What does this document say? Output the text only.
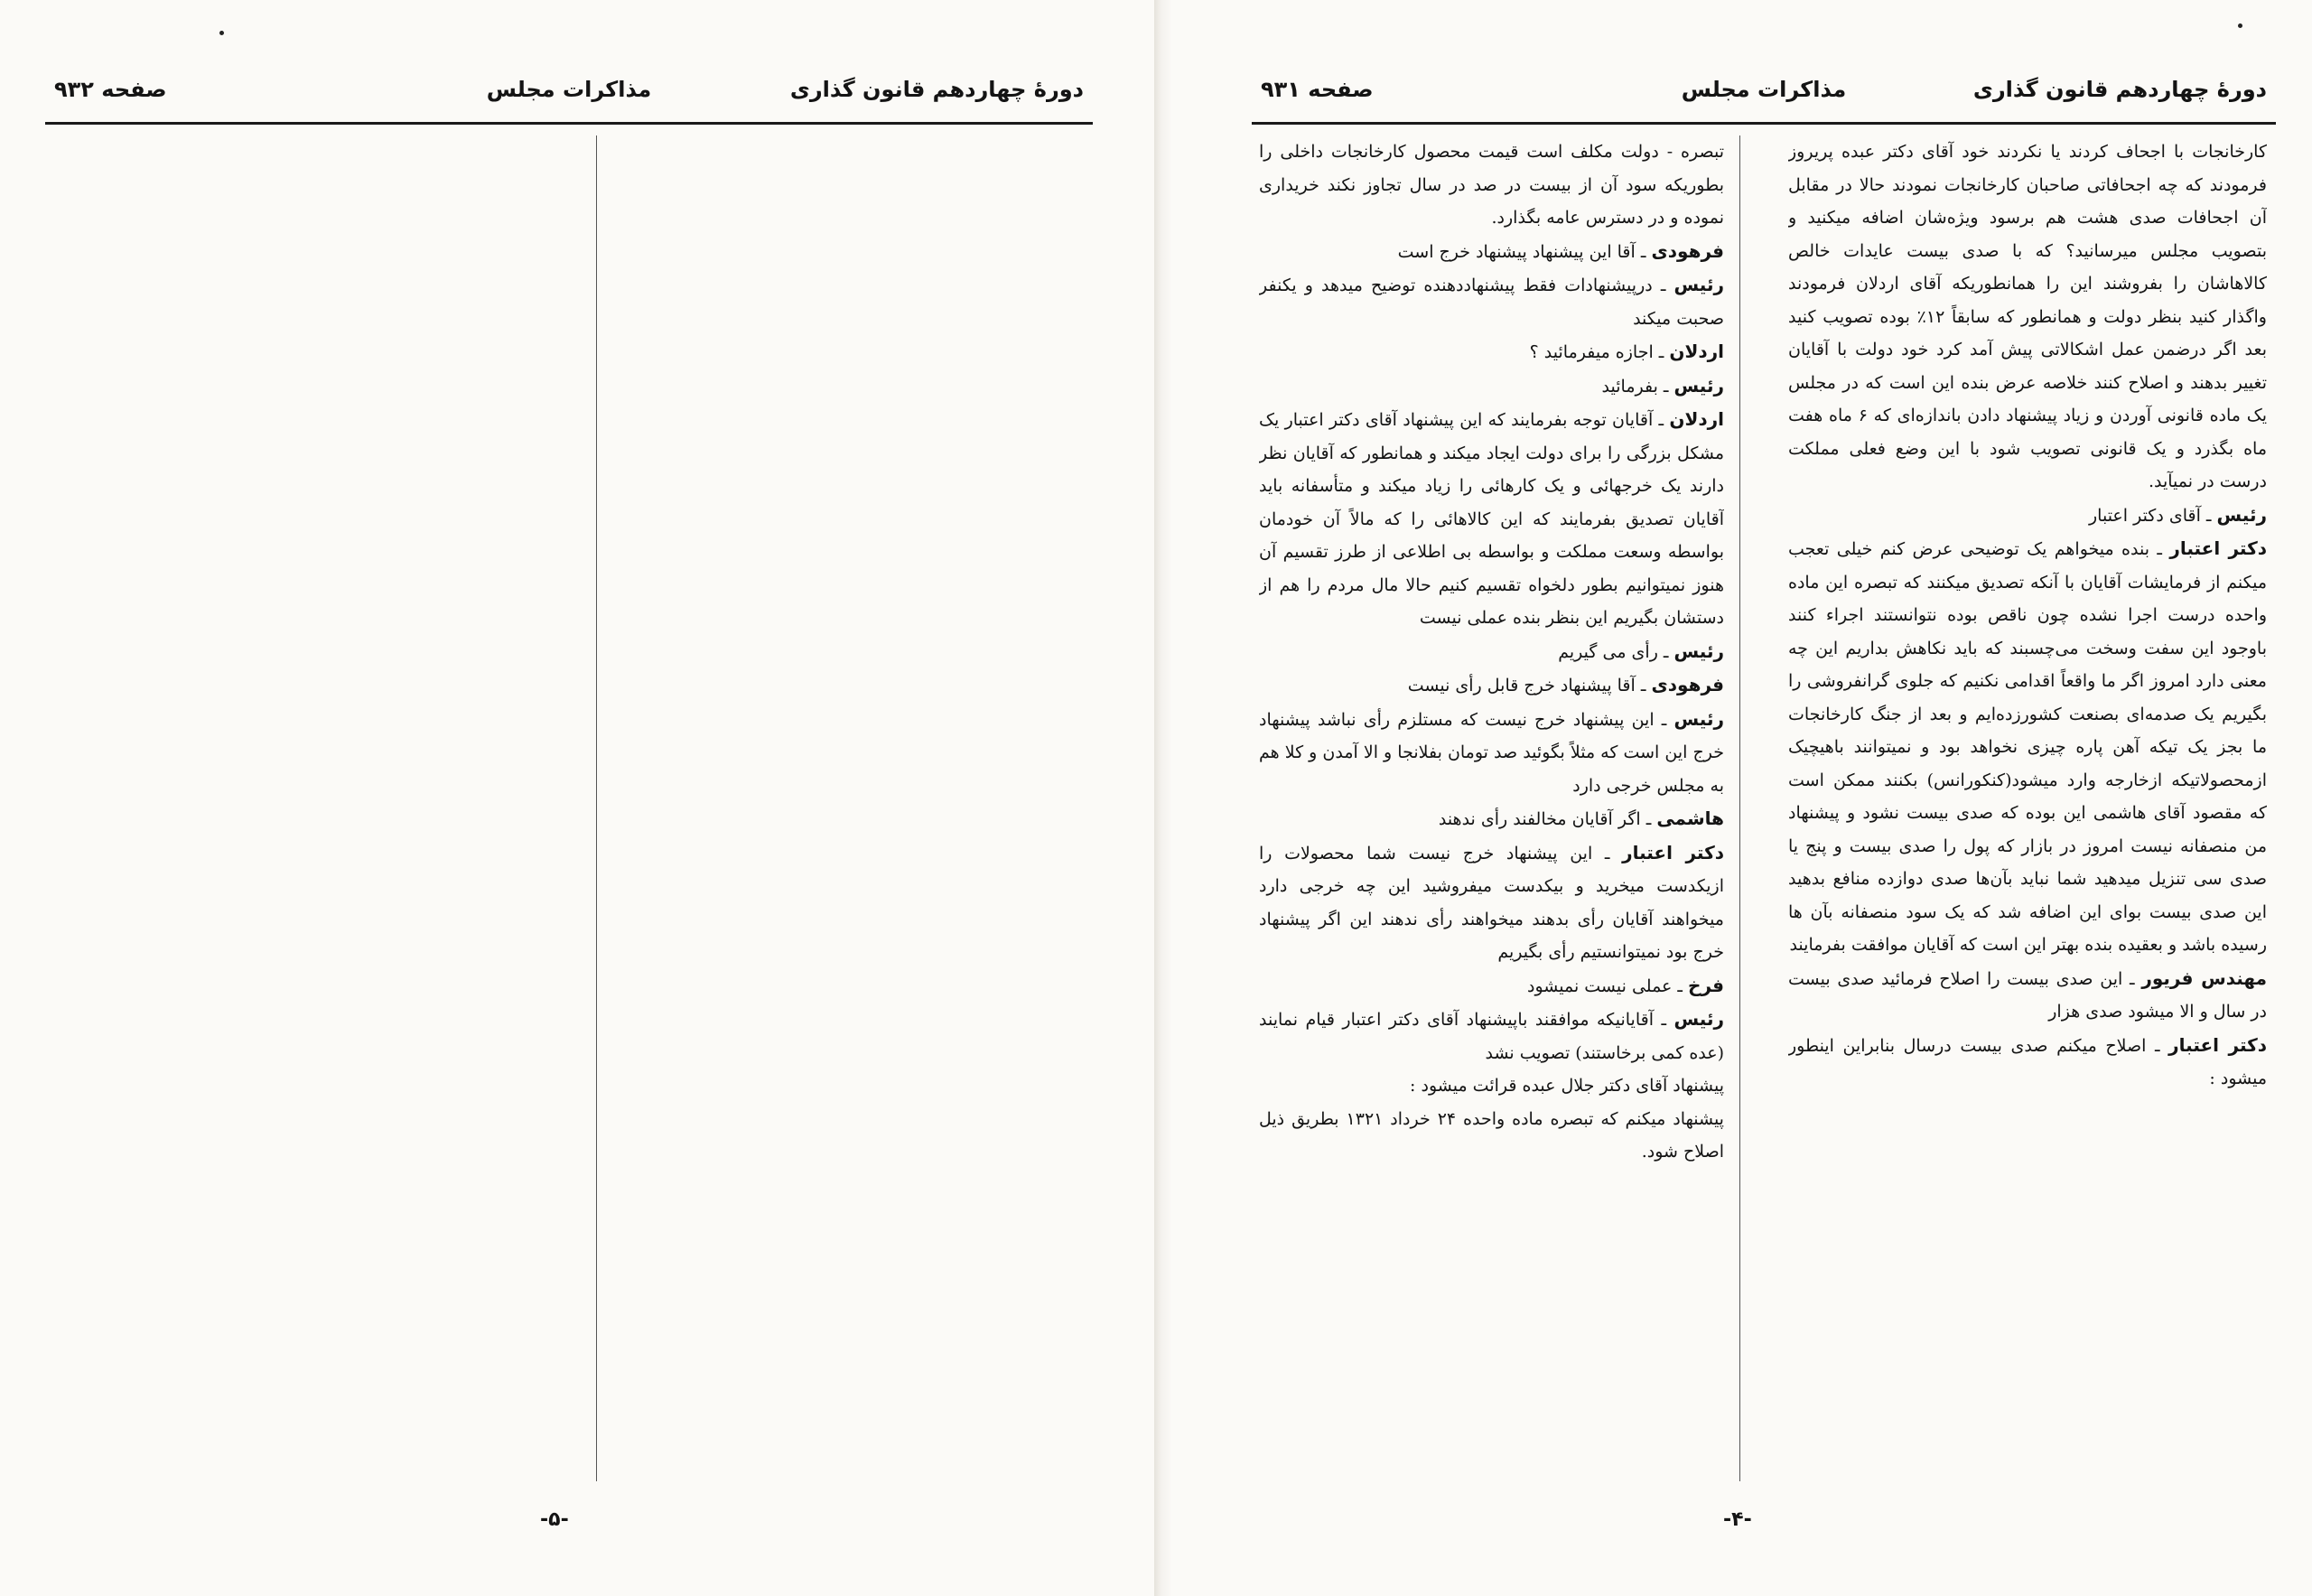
دورهٔ چهاردهم قانون گذاری
مذاکرات مجلس
صفحه ۹۳۲
-۵-
دورهٔ چهاردهم قانون گذاری
مذاکرات مجلس
صفحه ۹۳۱

کارخانجات با اجحاف کردند یا نکردند خود آقای دکتر عبده پریروز فرمودند که چه اجحافاتی صاحبان کارخانجات نمودند حالا در مقابل آن اجحافات صدی هشت هم برسود ویژه‌شان اضافه میکنید و بتصویب مجلس میرسانید؟ که با صدی بیست عایدات خالص کالاهاشان را بفروشند این را همانطوریکه آقای اردلان فرمودند واگذار کنید بنظر دولت و همانطور که سابقاً ۱۲٪ بوده تصویب کنید بعد اگر درضمن عمل اشکالاتی پیش آمد کرد خود دولت با آقایان تغییر بدهند و اصلاح کنند خلاصه عرض بنده این است که در مجلس یک ماده قانونی آوردن و زیاد پیشنهاد دادن باندازه‌ای که ۶ ماه هفت ماه بگذرد و یک قانونی تصویب شود با این وضع فعلی مملکت درست در نمیآید.

رئیس ـ آقای دکتر اعتبار

دکتر اعتبار ـ بنده میخواهم یک توضیحی عرض کنم خیلی تعجب میکنم از فرمایشات آقایان با آنکه تصدیق میکنند که تبصره این ماده واحده درست اجرا نشده چون ناقص بوده نتوانستند اجراء کنند باوجود این سفت وسخت می‌چسبند که باید نکاهش بداریم این چه معنی دارد امروز اگر ما واقعاً اقدامی نکنیم که جلوی گرانفروشی را بگیریم یک صدمه‌ای بصنعت کشورزده‌ایم و بعد از جنگ کارخانجات ما بجز یک تیکه آهن پاره چیزی نخواهد بود و نمیتوانند باهیچیک ازمحصولاتیکه ازخارجه وارد میشود(کنکورانس) بکنند ممکن است که مقصود آقای هاشمی این بوده که صدی بیست نشود و پیشنهاد من منصفانه نیست امروز در بازار که پول را صدی بیست و پنج یا صدی سی تنزیل میدهید شما نباید بآن‌ها صدی دوازده منافع بدهید این صدی بیست بوای این اضافه شد که یک سود منصفانه بآن ها رسیده باشد و بعقیده بنده بهتر این است که آقایان موافقت بفرمایند

مهندس فریور ـ این صدی بیست را اصلاح فرمائید صدی بیست در سال و الا میشود صدی هزار

دکتر اعتبار ـ اصلاح میکنم صدی بیست درسال بنابراین اینطور میشود :

تبصره - دولت مکلف است قیمت محصول کارخانجات داخلی را بطوریکه سود آن از بیست در صد در سال تجاوز نکند خریداری نموده و در دسترس عامه بگذارد.

فرهودی ـ آقا این پیشنهاد پیشنهاد خرج است

رئیس ـ درپیشنهادات فقط پیشنهاددهنده توضیح میدهد و یکنفر صحبت میکند

اردلان ـ اجازه میفرمائید ؟

رئیس ـ بفرمائید

اردلان ـ آقایان توجه بفرمایند که این پیشنهاد آقای دکتر اعتبار یک مشکل بزرگی را برای دولت ایجاد میکند و همانطور که آقایان نظر دارند یک خرجهائی و یک کارهائی را زیاد میکند و متأسفانه باید آقایان تصدیق بفرمایند که این کالاهائی را که مالاً آن خودمان بواسطه وسعت مملکت و بواسطه بی اطلاعی از طرز تقسیم آن هنوز نمیتوانیم بطور دلخواه تقسیم کنیم حالا مال مردم را هم از دستشان بگیریم این بنظر بنده عملی نیست

رئیس ـ رأی می گیریم

فرهودی ـ آقا پیشنهاد خرج قابل رأی نیست

رئیس ـ این پیشنهاد خرج نیست که مستلزم رأی نباشد پیشنهاد خرج این است که مثلاً بگوئید صد تومان بفلانجا و الا آمدن و کلا هم به مجلس خرجی دارد

هاشمی ـ اگر آقایان مخالفند رأی ندهند

دکتر اعتبار ـ این پیشنهاد خرج نیست شما محصولات را ازیکدست میخرید و بیکدست میفروشید این چه خرجی دارد میخواهند آقایان رأی بدهند میخواهند رأی ندهند این اگر پیشنهاد خرج بود نمیتوانستیم رأی بگیریم

فرخ ـ عملی نیست نمیشود

رئیس ـ آقایانیکه موافقند باپیشنهاد آقای دکتر اعتبار قیام نمایند (عده کمی برخاستند) تصویب نشد

پیشنهاد آقای دکتر جلال عبده قرائت میشود :

پیشنهاد میکنم که تبصره ماده واحده ۲۴ خرداد ۱۳۲۱ بطریق ذیل اصلاح شود.

-۴-
